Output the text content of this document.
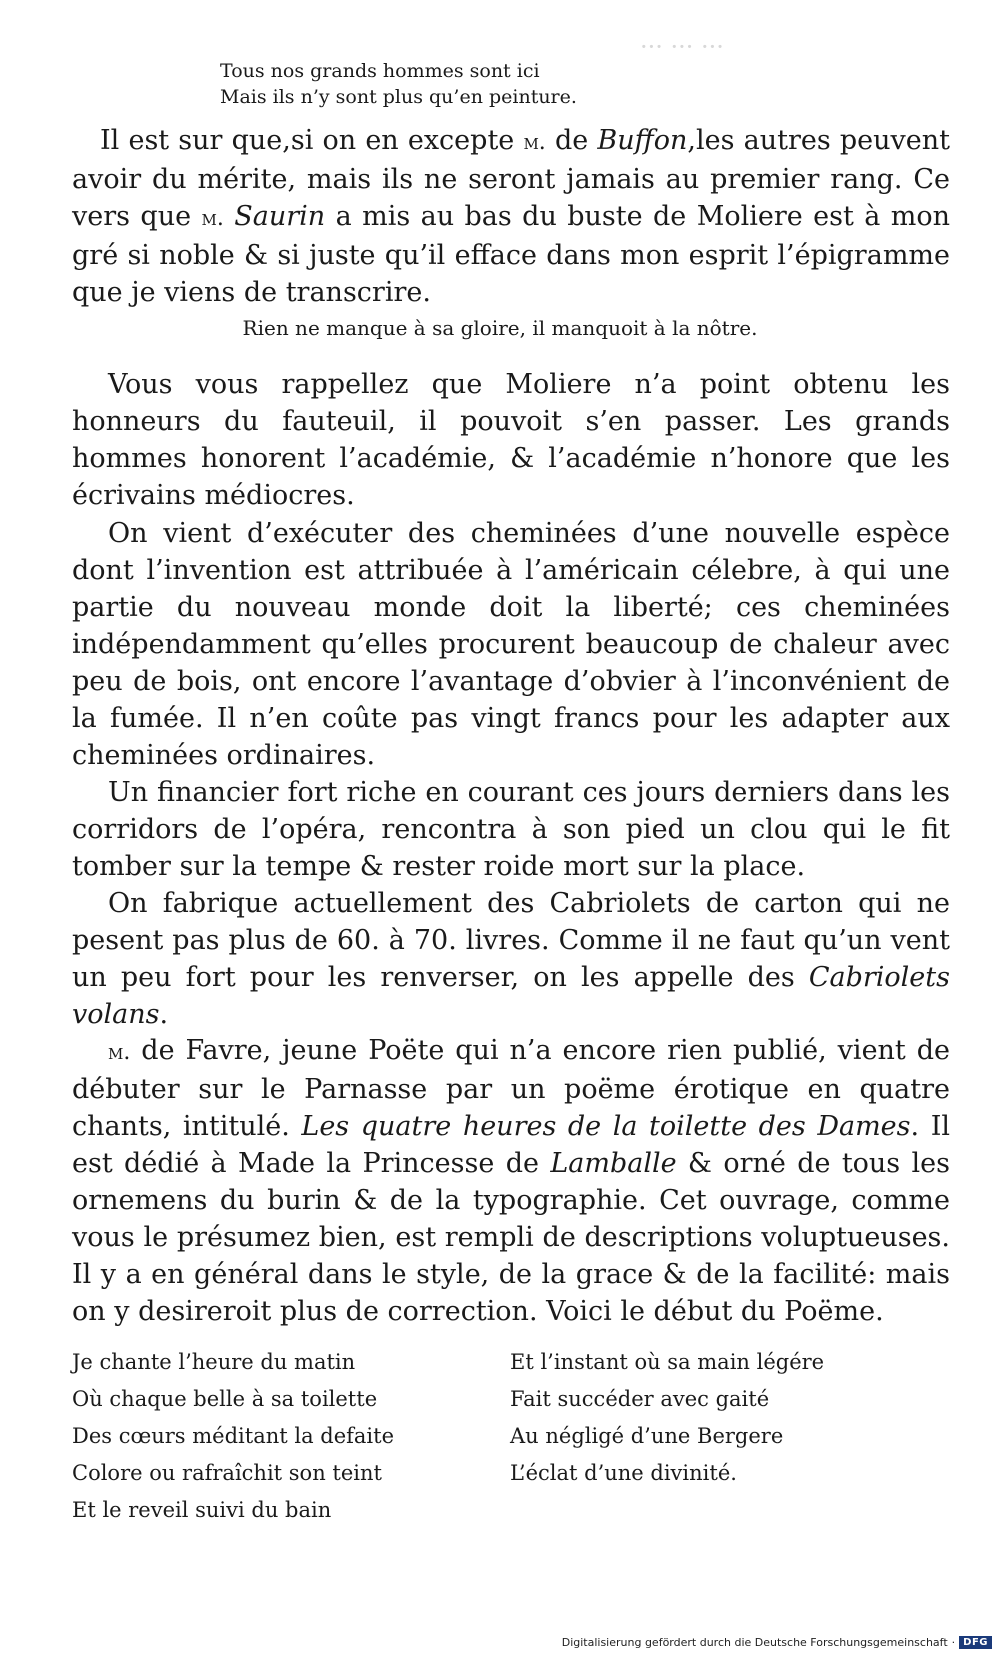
··· ··· ···
Tous nos grands hommes sont ici
Mais ils n’y sont plus qu’en peinture.
Il est sur que,si on en excepte m. de Buffon,les autres peuvent avoir du mérite, mais ils ne seront jamais au premier rang. Ce vers que m. Saurin a mis au bas du buste de Moliere est à mon gré si noble & si juste qu’il efface dans mon esprit l’épigramme que je viens de transcrire.
Rien ne manque à sa gloire, il manquoit à la nôtre.
Vous vous rappellez que Moliere n’a point obtenu les honneurs du fauteuil, il pouvoit s’en passer. Les grands hommes honorent l’académie, & l’académie n’honore que les écrivains médiocres.
On vient d’exécuter des cheminées d’une nouvelle espèce dont l’invention est attribuée à l’américain célebre, à qui une partie du nouveau monde doit la liberté; ces cheminées indépendamment qu’elles procurent beaucoup de chaleur avec peu de bois, ont encore l’avantage d’obvier à l’inconvénient de la fumée. Il n’en coûte pas vingt francs pour les adapter aux cheminées ordinaires.
Un financier fort riche en courant ces jours derniers dans les corridors de l’opéra, rencontra à son pied un clou qui le fit tomber sur la tempe & rester roide mort sur la place.
On fabrique actuellement des Cabriolets de carton qui ne pesent pas plus de 60. à 70. livres. Comme il ne faut qu’un vent un peu fort pour les renverser, on les appelle des Cabriolets volans.
m. de Favre, jeune Poëte qui n’a encore rien publié, vient de débuter sur le Parnasse par un poëme érotique en quatre chants, intitulé. Les quatre heures de la toilette des Dames. Il est dédié à Made la Princesse de Lamballe & orné de tous les ornemens du burin & de la typographie. Cet ouvrage, comme vous le présumez bien, est rempli de descriptions voluptueuses. Il y a en général dans le style, de la grace & de la facilité: mais on y desireroit plus de correction. Voici le début du Poëme.
Je chante l’heure du matin
Où chaque belle à sa toilette
Des cœurs méditant la defaite
Colore ou rafraîchit son teint
Et le reveil suivi du bain
Et l’instant où sa main légére
Fait succéder avec gaité
Au négligé d’une Bergere
L’éclat d’une divinité.
Digitalisierung gefördert durch die Deutsche Forschungsgemeinschaft · DFG
